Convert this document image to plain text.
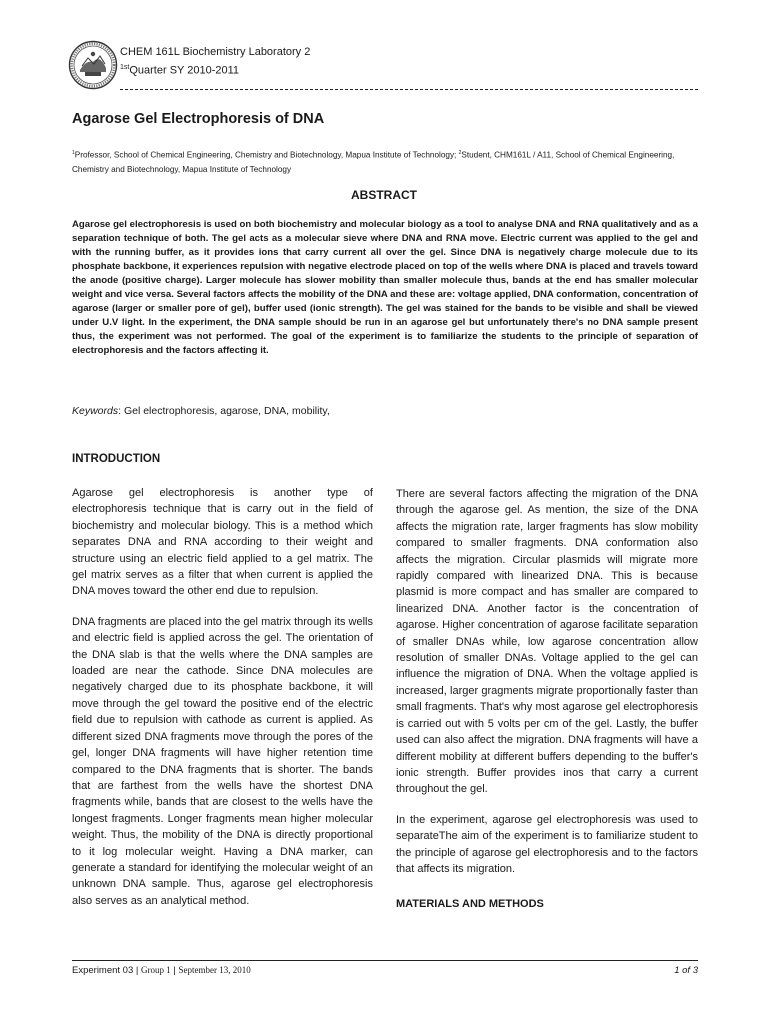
CHEM 161L Biochemistry Laboratory 2
$^{1st}$Quarter SY 2010-2011
Agarose Gel Electrophoresis of DNA
$^1$Professor, School of Chemical Engineering, Chemistry and Biotechnology, Mapua Institute of Technology; $^2$Student, CHM161L / A11, School of Chemical Engineering, Chemistry and Biotechnology, Mapua Institute of Technology
ABSTRACT
Agarose gel electrophoresis is used on both biochemistry and molecular biology as a tool to analyse DNA and RNA qualitatively and as a separation technique of both. The gel acts as a molecular sieve where DNA and RNA move. Electric current was applied to the gel and with the running buffer, as it provides ions that carry current all over the gel. Since DNA is negatively charge molecule due to its phosphate backbone, it experiences repulsion with negative electrode placed on top of the wells where DNA is placed and travels toward the anode (positive charge). Larger molecule has slower mobility than smaller molecule thus, bands at the end has smaller molecular weight and vice versa. Several factors affects the mobility of the DNA and these are: voltage applied, DNA conformation, concentration of agarose (larger or smaller pore of gel), buffer used (ionic strength). The gel was stained for the bands to be visible and shall be viewed under U.V light. In the experiment, the DNA sample should be run in an agarose gel but unfortunately there's no DNA sample present thus, the experiment was not performed. The goal of the experiment is to familiarize the students to the principle of separation of electrophoresis and the factors affecting it.
Keywords: Gel electrophoresis, agarose, DNA, mobility,
INTRODUCTION

Agarose gel electrophoresis is another type of electrophoresis technique that is carry out in the field of biochemistry and molecular biology. This is a method which separates DNA and RNA according to their weight and structure using an electric field applied to a gel matrix. The gel matrix serves as a filter that when current is applied the DNA moves toward the other end due to repulsion.

DNA fragments are placed into the gel matrix through its wells and electric field is applied across the gel. The orientation of the DNA slab is that the wells where the DNA samples are loaded are near the cathode. Since DNA molecules are negatively charged due to its phosphate backbone, it will move through the gel toward the positive end of the electric field due to repulsion with cathode as current is applied. As different sized DNA fragments move through the pores of the gel, longer DNA fragments will have higher retention time compared to the DNA fragments that is shorter. The bands that are farthest from the wells have the shortest DNA fragments while, bands that are closest to the wells have the longest fragments. Longer fragments mean higher molecular weight. Thus, the mobility of the DNA is directly proportional to it log molecular weight. Having a DNA marker, can generate a standard for identifying the molecular weight of an unknown DNA sample. Thus, agarose gel electrophoresis also serves as an analytical method.

There are several factors affecting the migration of the DNA through the agarose gel. As mention, the size of the DNA affects the migration rate, larger fragments has slow mobility compared to smaller fragments. DNA conformation also affects the migration. Circular plasmids will migrate more rapidly compared with linearized DNA. This is because plasmid is more compact and has smaller are compared to linearized DNA. Another factor is the concentration of agarose. Higher concentration of agarose facilitate separation of smaller DNAs while, low agarose concentration allow resolution of smaller DNAs. Voltage applied to the gel can influence the migration of DNA. When the voltage applied is increased, larger gragments migrate proportionally faster than small fragments. That's why most agarose gel electrophoresis is carried out with 5 volts per cm of the gel. Lastly, the buffer used can also affect the migration. DNA fragments will have a different mobility at different buffers depending to the buffer's ionic strength. Buffer provides inos that carry a current throughout the gel.

In the experiment, agarose gel electrophoresis was used to separateThe aim of the experiment is to familiarize student to the principle of agarose gel electrophoresis and to the factors that affects its migration.

MATERIALS AND METHODS
Experiment 03 | Group 1 | September 13, 2010	1 of 3
